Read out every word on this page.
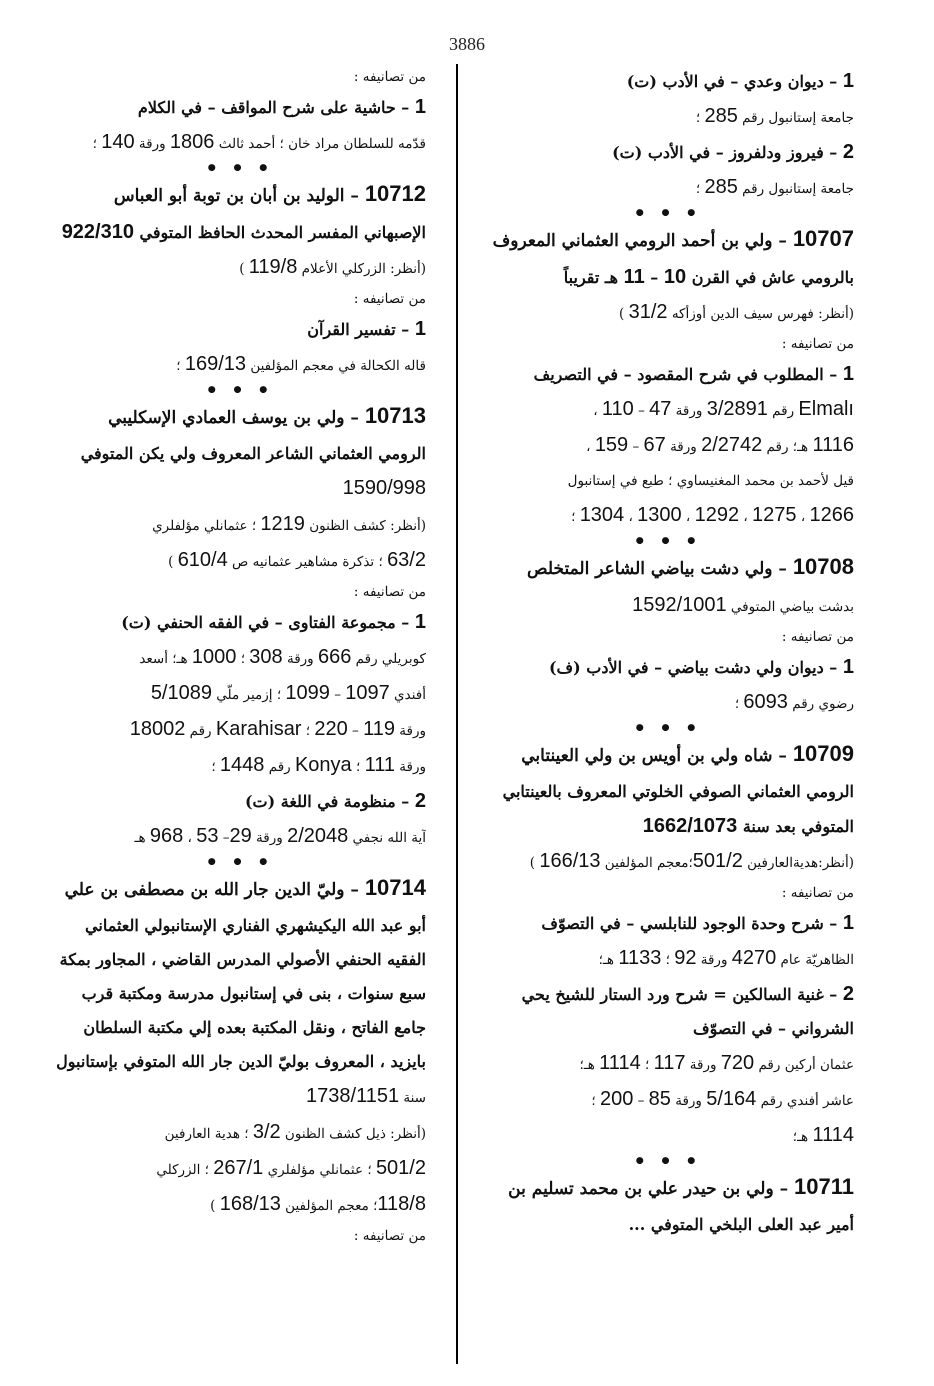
3886
1 – ديوان وعدي – في الأدب (ت)
جامعة إستانبول رقم 285 ؛
2 – فيروز ودلفروز – في الأدب (ت)
جامعة إستانبول رقم 285 ؛
• • •
10707 – ولي بن أحمد الرومي العثماني المعروف
بالرومي عاش في القرن 10 – 11 هـ تقريباً
(أنظر: فهرس سيف الدين أوزأكه 31/2 )
من تصانيفه :
1 – المطلوب في شرح المقصود – في التصريف
Elmalı رقم 3/2891 ورقة 47 – 110 ،
1116 هـ؛ رقم 2/2742 ورقة 67 – 159 ،
قيل لأحمد بن محمد المغنيساوي ؛ طبع في إستانبول
1266 ، 1275 ، 1292 ، 1300 ، 1304 ؛
• • •
10708 – ولي دشت بياضي الشاعر المتخلص
بدشت بياضي المتوفي 1592/1001
من تصانيفه :
1 – ديوان ولي دشت بياضي – في الأدب (ف)
رضوي رقم 6093 ؛
• • •
10709 – شاه ولي بن أويس بن ولي العينتابي
الرومي العثماني الصوفي الخلوتي المعروف بالعينتابي
المتوفي بعد سنة 1662/1073
(أنظر:هديةالعارفين 501/2؛معجم المؤلفين 166/13 )
من تصانيفه :
1 – شرح وحدة الوجود للنابلسي – في التصوّف
الظاهريّة عام 4270 ورقة 92 ؛ 1133 هـ؛
2 – غنية السالكين = شرح ورد الستار للشيخ يحي
الشرواني – في التصوّف
عثمان أركين رقم 720 ورقة 117 ؛ 1114 هـ؛
عاشر أفندي رقم 5/164 ورقة 85 – 200 ؛
1114 هـ؛
• • •
10711 – ولي بن حيدر علي بن محمد تسليم بن
أمير عبد العلى البلخي المتوفي ...
من تصانيفه :
1 – حاشية على شرح المواقف – في الكلام
قدّمه للسلطان مراد خان ؛ أحمد ثالث 1806 ورقة 140 ؛
• • •
10712 – الوليد بن أبان بن توبة أبو العباس
الإصبهاني المفسر المحدث الحافظ المتوفي 922/310
(أنظر: الزركلي الأعلام 119/8 )
من تصانيفه :
1 – تفسير القرآن
قاله الكحالة في معجم المؤلفين 169/13 ؛
• • •
10713 – ولي بن يوسف العمادي الإسكليبي
الرومي العثماني الشاعر المعروف ولي يكن المتوفي
1590/998
(أنظر: كشف الظنون 1219 ؛ عثمانلي مؤلفلري
63/2 ؛ تذكرة مشاهير عثمانيه ص 610/4 )
من تصانيفه :
1 – مجموعة الفتاوى – في الفقه الحنفي (ت)
كوبريلي رقم 666 ورقة 308 ؛ 1000 هـ؛ أسعد
أفندي 1097 – 1099 ؛ إزمير ملّي 5/1089
ورقة 119 – 220 ؛ Karahisar رقم 18002
ورقة 111 ؛ Konya رقم 1448 ؛
2 – منظومة في اللغة (ت)
آية الله نجفي 2/2048 ورقة 29– 53 ، 968 هـ
• • •
10714 – وليّ الدين جار الله بن مصطفى بن علي
أبو عبد الله اليكيشهري الفناري الإستانبولي العثماني
الفقيه الحنفي الأصولي المدرس القاضي ، المجاور بمكة
سبع سنوات ، بنى في إستانبول مدرسة ومكتبة قرب
جامع الفاتح ، ونقل المكتبة بعده إلي مكتبة السلطان
بايزيد ، المعروف بوليّ الدين جار الله المتوفي بإستانبول
سنة 1738/1151
(أنظر: ذيل كشف الظنون 3/2 ؛ هدية العارفين
501/2 ؛ عثمانلي مؤلفلري 267/1 ؛ الزركلي
118/8؛ معجم المؤلفين 168/13 )
من تصانيفه :
